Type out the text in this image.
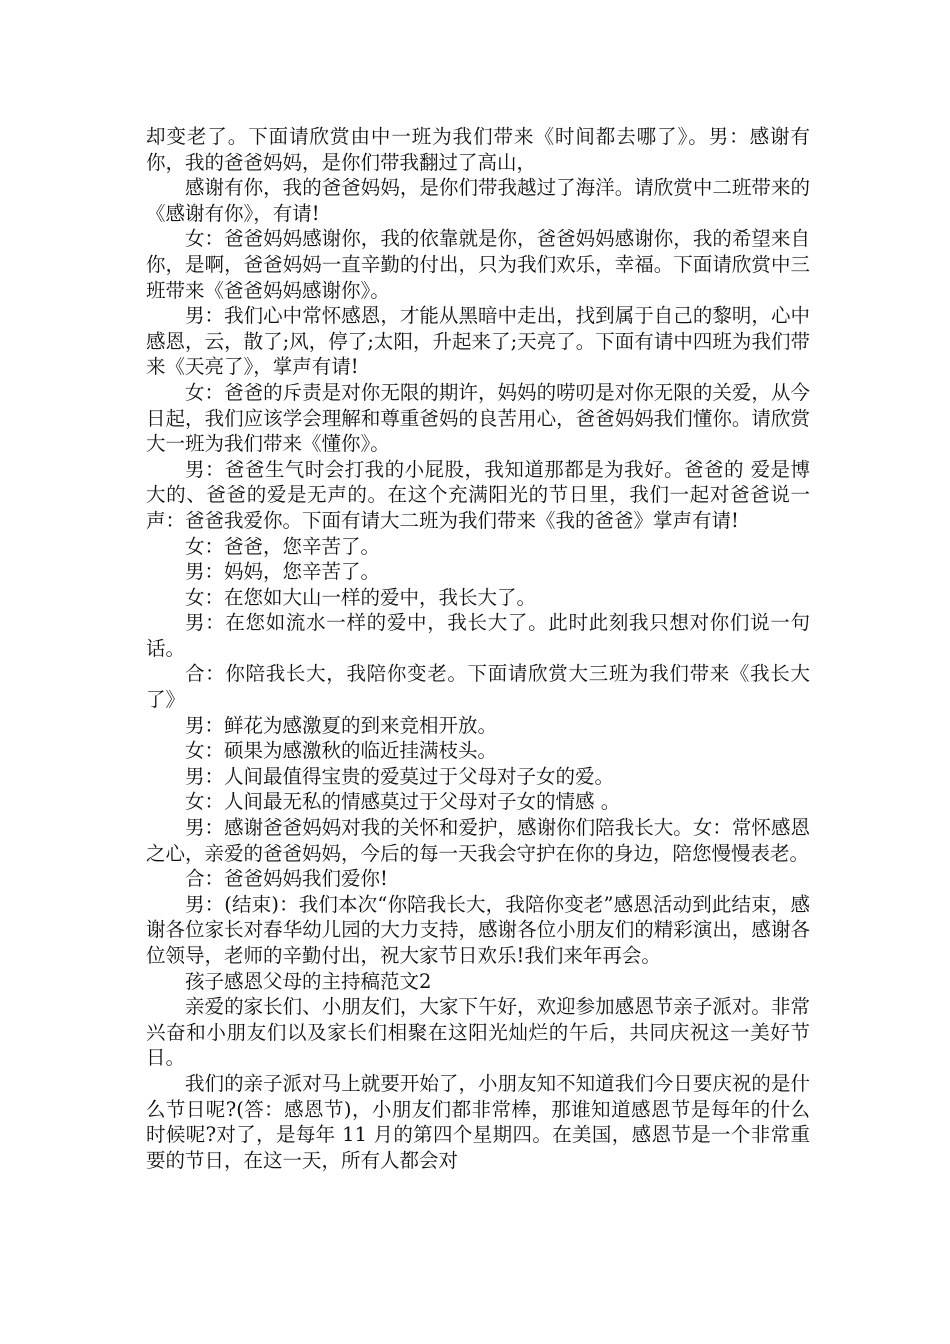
却变老了。下面请欣赏由中一班为我们带来《时间都去哪了》。男：感谢有你，我的爸爸妈妈，是你们带我翻过了高山，

感谢有你，我的爸爸妈妈，是你们带我越过了海洋。请欣赏中二班带来的《感谢有你》，有请!

女：爸爸妈妈感谢你，我的依靠就是你，爸爸妈妈感谢你，我的希望来自你，是啊，爸爸妈妈一直辛勤的付出，只为我们欢乐，幸福。下面请欣赏中三班带来《爸爸妈妈感谢你》。

男：我们心中常怀感恩，才能从黑暗中走出，找到属于自己的黎明，心中感恩，云，散了;风，停了;太阳，升起来了;天亮了。下面有请中四班为我们带来《天亮了》，掌声有请!

女：爸爸的斥责是对你无限的期许，妈妈的唠叨是对你无限的关爱，从今日起，我们应该学会理解和尊重爸妈的良苦用心，爸爸妈妈我们懂你。请欣赏大一班为我们带来《懂你》。

男：爸爸生气时会打我的小屁股，我知道那都是为我好。爸爸的 爱是博大的、爸爸的爱是无声的。在这个充满阳光的节日里，我们一起对爸爸说一声：爸爸我爱你。下面有请大二班为我们带来《我的爸爸》掌声有请!

女：爸爸，您辛苦了。

男：妈妈，您辛苦了。

女：在您如大山一样的爱中，我长大了。

男：在您如流水一样的爱中，我长大了。此时此刻我只想对你们说一句话。

合：你陪我长大，我陪你变老。下面请欣赏大三班为我们带来《我长大了》

男：鲜花为感激夏的到来竞相开放。

女：硕果为感激秋的临近挂满枝头。

男：人间最值得宝贵的爱莫过于父母对子女的爱。

女：人间最无私的情感莫过于父母对子女的情感 。

男：感谢爸爸妈妈对我的关怀和爱护，感谢你们陪我长大。女：常怀感恩之心，亲爱的爸爸妈妈，今后的每一天我会守护在你的身边，陪您慢慢表老。

合：爸爸妈妈我们爱你!

男：(结束)：我们本次“你陪我长大，我陪你变老”感恩活动到此结束，感谢各位家长对春华幼儿园的大力支持，感谢各位小朋友们的精彩演出，感谢各位领导，老师的辛勤付出，祝大家节日欢乐!我们来年再会。

孩子感恩父母的主持稿范文2

亲爱的家长们、小朋友们，大家下午好，欢迎参加感恩节亲子派对。非常兴奋和小朋友们以及家长们相聚在这阳光灿烂的午后，共同庆祝这一美好节日。

我们的亲子派对马上就要开始了，小朋友知不知道我们今日要庆祝的是什么节日呢?(答：感恩节)，小朋友们都非常棒，那谁知道感恩节是每年的什么时候呢?对了，是每年 11 月的第四个星期四。在美国，感恩节是一个非常重要的节日，在这一天，所有人都会对
